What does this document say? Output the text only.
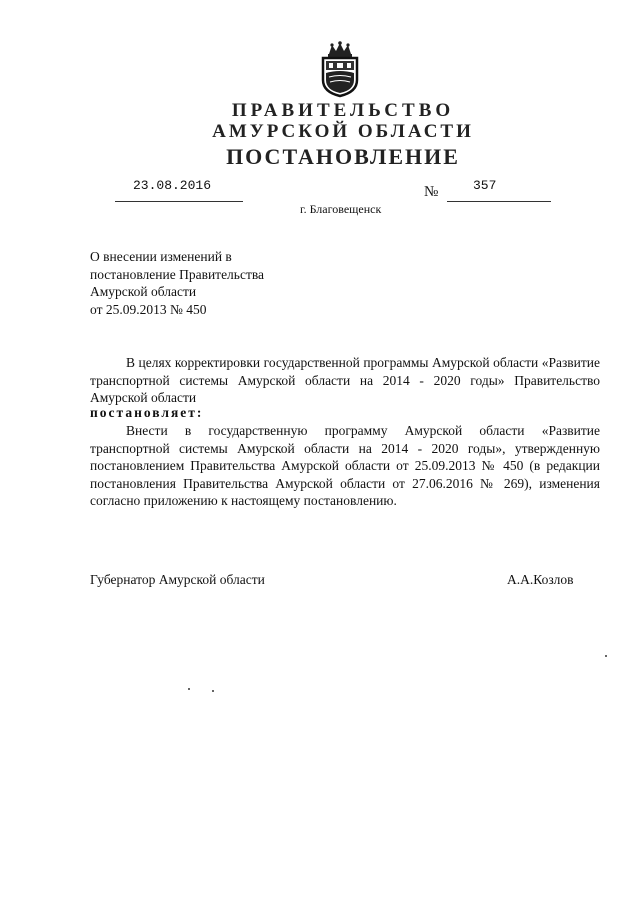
ПРАВИТЕЛЬСТВО
АМУРСКОЙ ОБЛАСТИ
ПОСТАНОВЛЕНИЕ
23.08.2016	№	357
г. Благовещенск
О внесении изменений в
постановление Правительства
Амурской области
от 25.09.2013 № 450
В целях корректировки государственной программы Амурской области «Развитие транспортной системы Амурской области на 2014 - 2020 годы» Правительство Амурской области
постановляет:
Внести в государственную программу Амурской области «Развитие транспортной системы Амурской области на 2014 - 2020 годы», утвержденную постановлением Правительства Амурской области от 25.09.2013 № 450 (в редакции постановления Правительства Амурской области от 27.06.2016 № 269), изменения согласно приложению к настоящему постановлению.
Губернатор Амурской области	А.А.Козлов
